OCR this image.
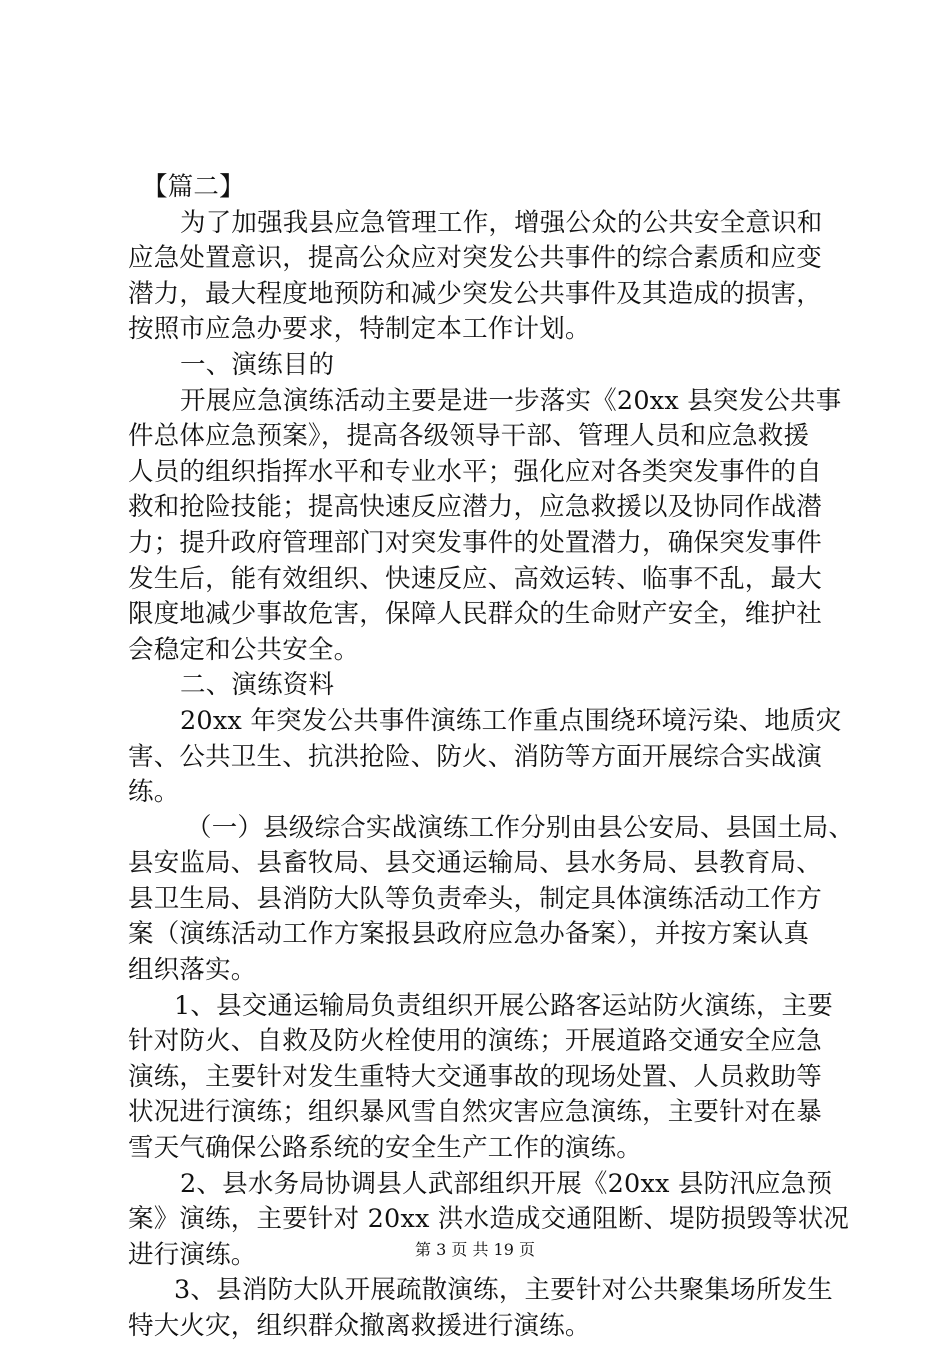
【篇二】
为了加强我县应急管理工作，增强公众的公共安全意识和
应急处置意识，提高公众应对突发公共事件的综合素质和应变
潜力，最大程度地预防和减少突发公共事件及其造成的损害，
按照市应急办要求，特制定本工作计划。
一、演练目的
开展应急演练活动主要是进一步落实《20xx 县突发公共事
件总体应急预案》，提高各级领导干部、管理人员和应急救援
人员的组织指挥水平和专业水平；强化应对各类突发事件的自
救和抢险技能；提高快速反应潜力，应急救援以及协同作战潜
力；提升政府管理部门对突发事件的处置潜力，确保突发事件
发生后，能有效组织、快速反应、高效运转、临事不乱，最大
限度地减少事故危害，保障人民群众的生命财产安全，维护社
会稳定和公共安全。
二、演练资料
20xx 年突发公共事件演练工作重点围绕环境污染、地质灾
害、公共卫生、抗洪抢险、防火、消防等方面开展综合实战演
练。
（一）县级综合实战演练工作分别由县公安局、县国土局、
县安监局、县畜牧局、县交通运输局、县水务局、县教育局、
县卫生局、县消防大队等负责牵头，制定具体演练活动工作方
案（演练活动工作方案报县政府应急办备案），并按方案认真
组织落实。
1、县交通运输局负责组织开展公路客运站防火演练，主要
针对防火、自救及防火栓使用的演练；开展道路交通安全应急
演练，主要针对发生重特大交通事故的现场处置、人员救助等
状况进行演练；组织暴风雪自然灾害应急演练，主要针对在暴
雪天气确保公路系统的安全生产工作的演练。
2、县水务局协调县人武部组织开展《20xx 县防汛应急预
案》演练，主要针对 20xx 洪水造成交通阻断、堤防损毁等状况
进行演练。
3、县消防大队开展疏散演练，主要针对公共聚集场所发生
特大火灾，组织群众撤离救援进行演练。
第 3 页 共 19 页
